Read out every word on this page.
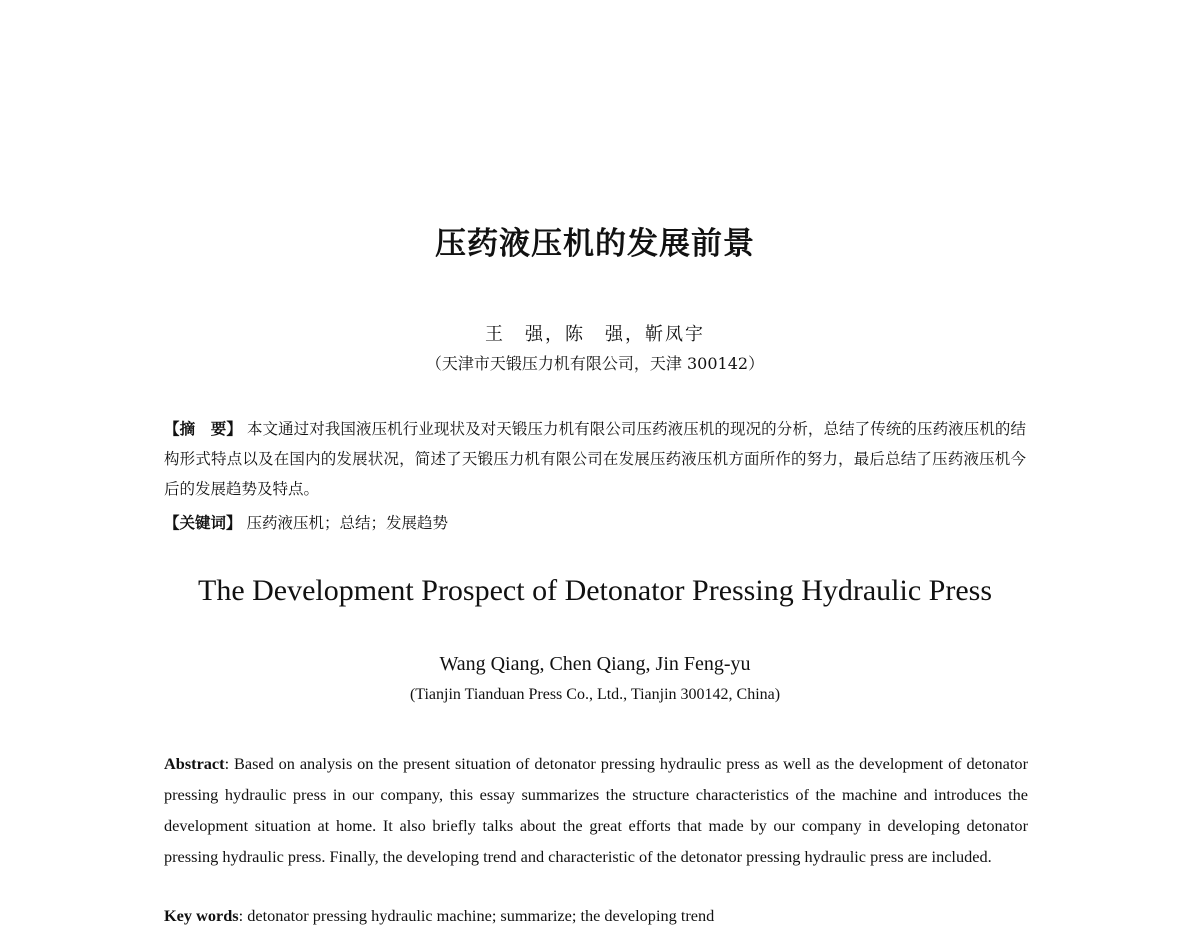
压药液压机的发展前景
王　强，陈　强，靳凤宇
（天津市天锻压力机有限公司，天津 300142）
【摘　要】 本文通过对我国液压机行业现状及对天锻压力机有限公司压药液压机的现况的分析，总结了传统的压药液压机的结构形式特点以及在国内的发展状况，简述了天锻压力机有限公司在发展压药液压机方面所作的努力，最后总结了压药液压机今后的发展趋势及特点。
【关键词】 压药液压机；总结；发展趋势
The Development Prospect of Detonator Pressing Hydraulic Press
Wang Qiang, Chen Qiang, Jin Feng-yu
(Tianjin Tianduan Press Co., Ltd., Tianjin 300142, China)
Abstract: Based on analysis on the present situation of detonator pressing hydraulic press as well as the development of detonator pressing hydraulic press in our company, this essay summarizes the structure characteristics of the machine and introduces the development situation at home. It also briefly talks about the great efforts that made by our company in developing detonator pressing hydraulic press. Finally, the developing trend and characteristic of the detonator pressing hydraulic press are included.
Key words: detonator pressing hydraulic machine; summarize; the developing trend
